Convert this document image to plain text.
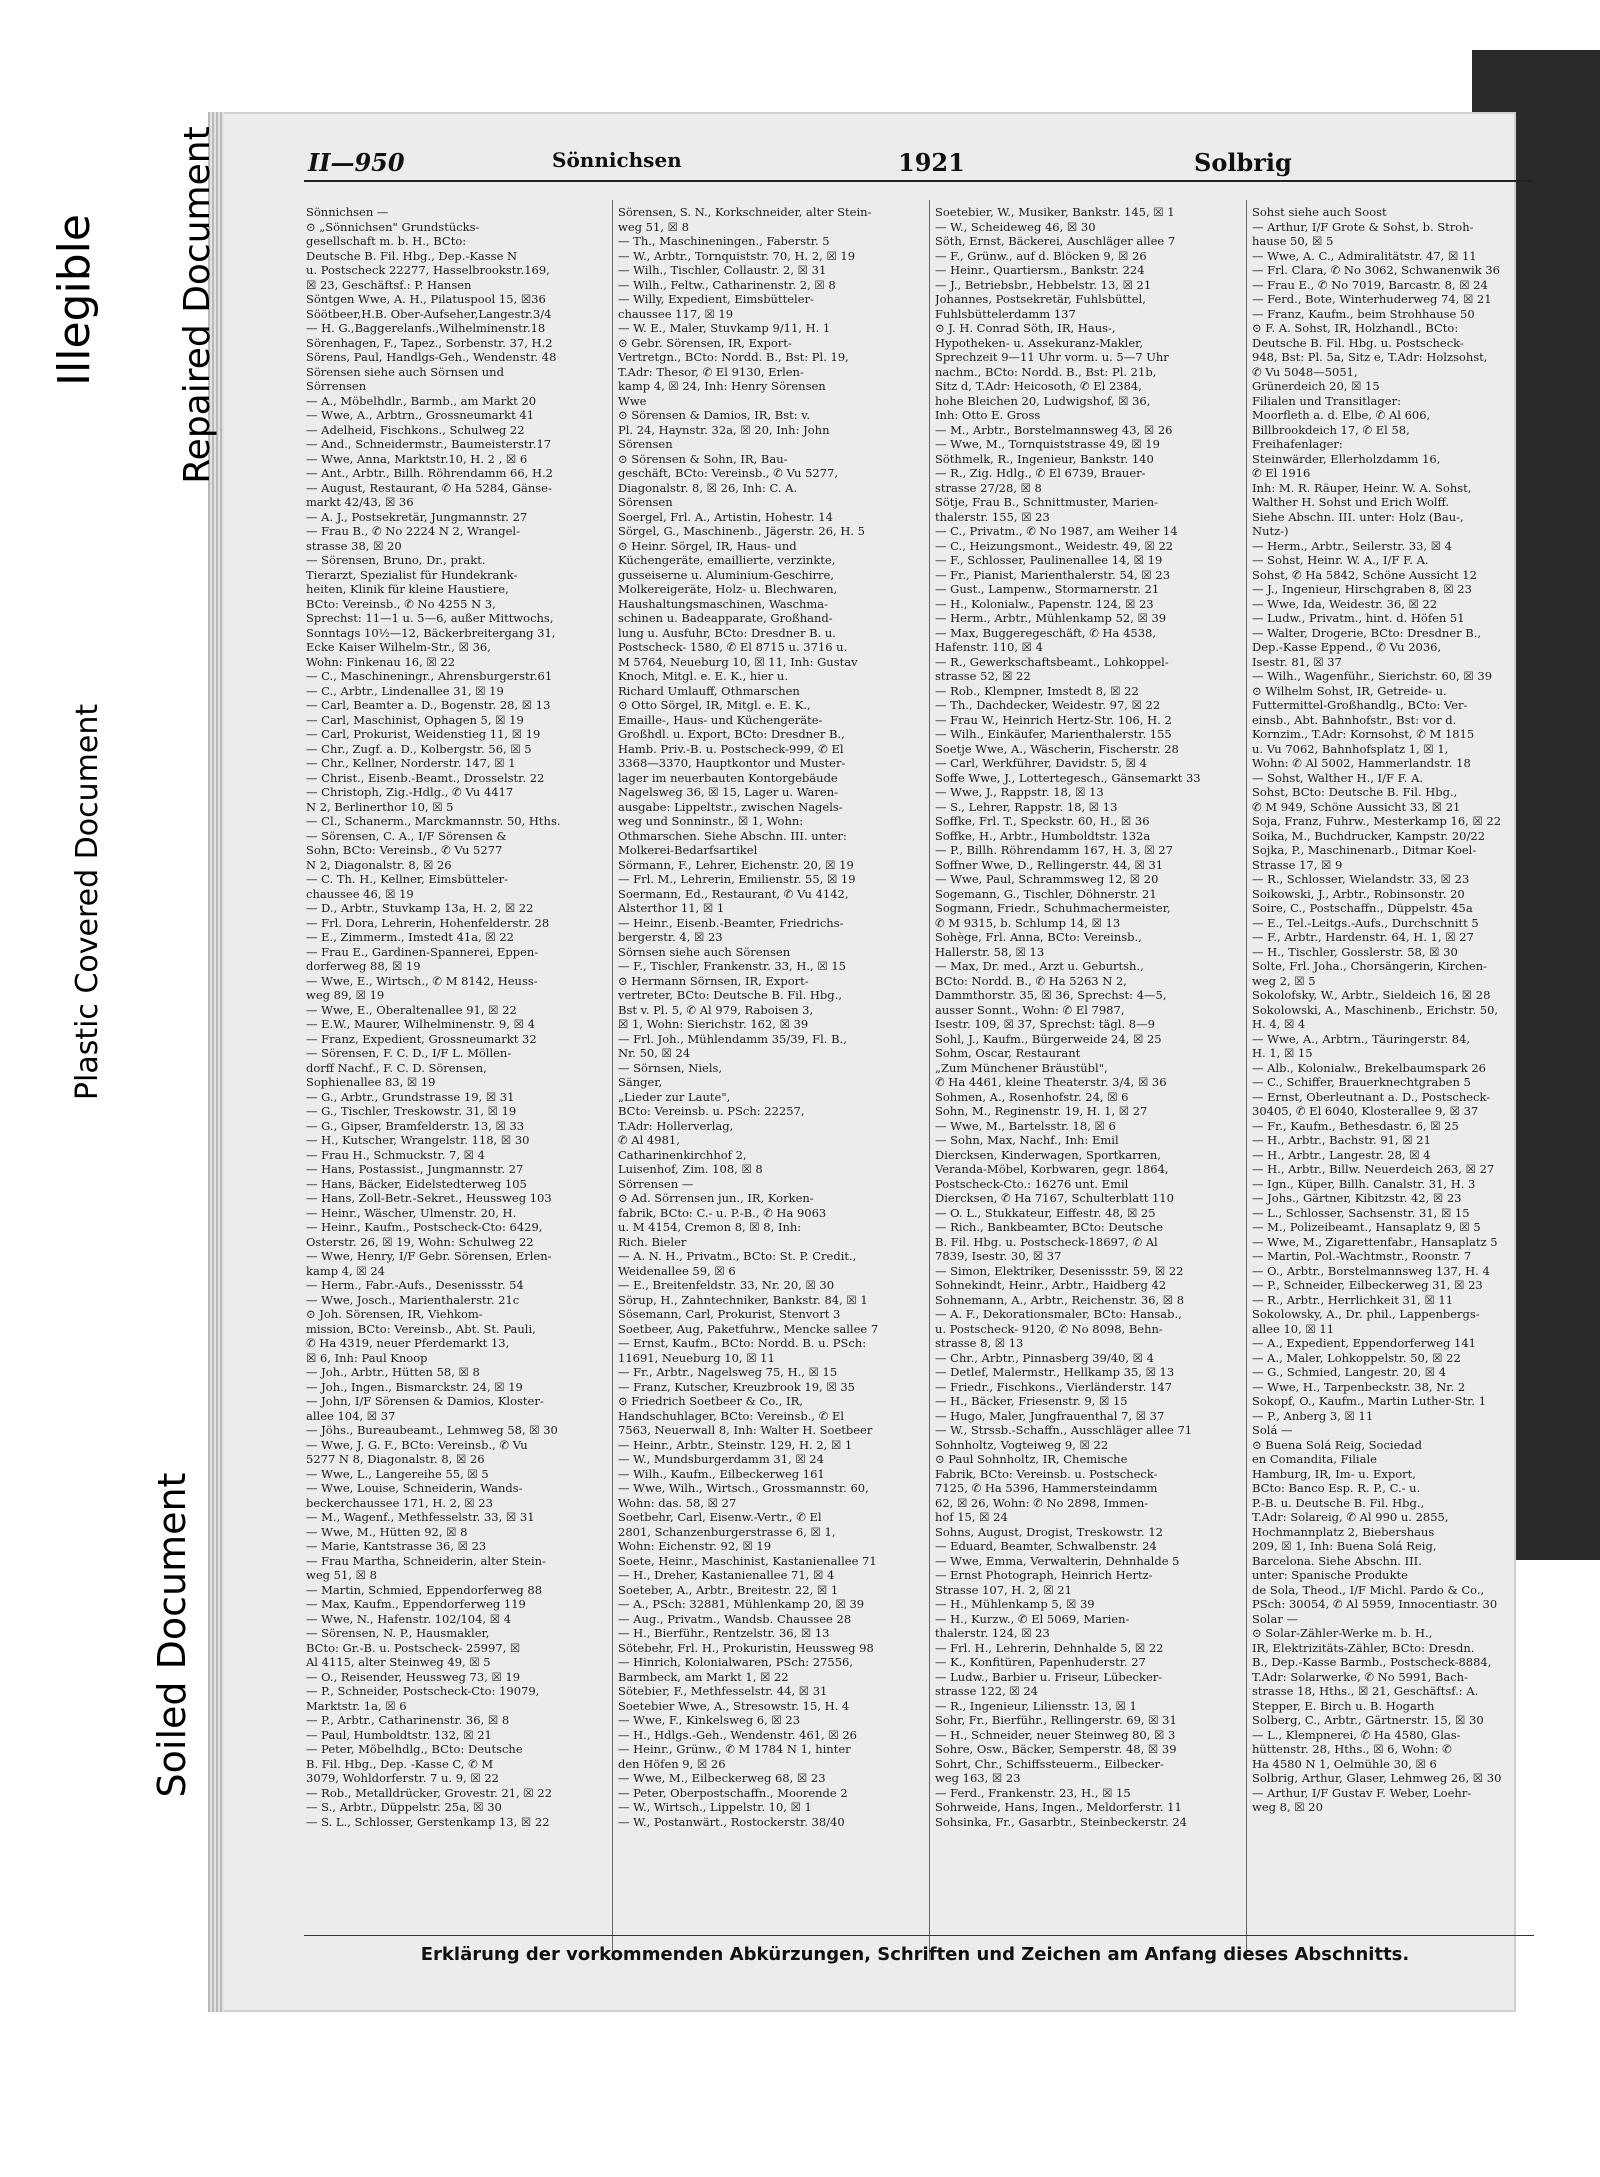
Illegible Repaired Document
Plastic Covered Document
Soiled Document
II—950	Sönnichsen	1921	Solbrig

Sönnichsen —

⊙ „Sönnichsen" Grundstücks-

gesellschaft m. b. H., BCto:

Deutsche B. Fil. Hbg., Dep.-Kasse N

u. Postscheck 22277, Hasselbrookstr.169,

☒ 23, Geschäftsf.: P. Hansen

Söntgen Wwe, A. H., Pilatuspool 15, ☒36

Söötbeer,H.B. Ober-Aufseher,Langestr.3/4

— H. G.,Baggerelanfs.,Wilhelminenstr.18

Sörenhagen, F., Tapez., Sorbenstr. 37, H.2

Sörens, Paul, Handlgs-Geh., Wendenstr. 48

Sörensen siehe auch Sörnsen und

Sörrensen

— A., Möbelhdlr., Barmb., am Markt 20

— Wwe, A., Arbtrn., Grossneumarkt 41

— Adelheid, Fischkons., Schulweg 22

— And., Schneidermstr., Baumeisterstr.17

— Wwe, Anna, Marktstr.10, H. 2 , ☒ 6

— Ant., Arbtr., Billh. Röhrendamm 66, H.2

— August, Restaurant, ✆ Ha 5284, Gänse-

markt 42/43, ☒ 36

— A. J., Postsekretär, Jungmannstr. 27

— Frau B., ✆ No 2224 N 2, Wrangel-

strasse 38, ☒ 20

— Sörensen, Bruno, Dr., prakt.

Tierarzt, Spezialist für Hundekrank-

heiten, Klinik für kleine Haustiere,

BCto: Vereinsb., ✆ No 4255 N 3,

Sprechst: 11—1 u. 5—6, außer Mittwochs,

Sonntags 10½—12, Bäckerbreitergang 31,

Ecke Kaiser Wilhelm-Str., ☒ 36,

Wohn: Finkenau 16, ☒ 22

— C., Maschineningr., Ahrensburgerstr.61

— C., Arbtr., Lindenallee 31, ☒ 19

— Carl, Beamter a. D., Bogenstr. 28, ☒ 13

— Carl, Maschinist, Ophagen 5, ☒ 19

— Carl, Prokurist, Weidenstieg 11, ☒ 19

— Chr., Zugf. a. D., Kolbergstr. 56, ☒ 5

— Chr., Kellner, Norderstr. 147, ☒ 1

— Christ., Eisenb.-Beamt., Drosselstr. 22

— Christoph, Zig.-Hdlg., ✆ Vu 4417

N 2, Berlinerthor 10, ☒ 5

— Cl., Schanerm., Marckmannstr. 50, Hths.

— Sörensen, C. A., I/F Sörensen &

Sohn, BCto: Vereinsb., ✆ Vu 5277

N 2, Diagonalstr. 8, ☒ 26

— C. Th. H., Kellner, Eimsbütteler-

chaussee 46, ☒ 19

— D., Arbtr., Stuvkamp 13a, H. 2, ☒ 22

— Frl. Dora, Lehrerin, Hohenfelderstr. 28

— E., Zimmerm., Imstedt 41a, ☒ 22

— Frau E., Gardinen-Spannerei, Eppen-

dorferweg 88, ☒ 19

— Wwe, E., Wirtsch., ✆ M 8142, Heuss-

weg 89, ☒ 19

— Wwe, E., Oberaltenallee 91, ☒ 22

— E.W., Maurer, Wilhelminenstr. 9, ☒ 4

— Franz, Expedient, Grossneumarkt 32

— Sörensen, F. C. D., I/F L. Möllen-

dorff Nachf., F. C. D. Sörensen,

Sophienallee 83, ☒ 19

— G., Arbtr., Grundstrasse 19, ☒ 31

— G., Tischler, Treskowstr. 31, ☒ 19

— G., Gipser, Bramfelderstr. 13, ☒ 33

— H., Kutscher, Wrangelstr. 118, ☒ 30

— Frau H., Schmuckstr. 7, ☒ 4

— Hans, Postassist., Jungmannstr. 27

— Hans, Bäcker, Eidelstedterweg 105

— Hans, Zoll-Betr.-Sekret., Heussweg 103

— Heinr., Wäscher, Ulmenstr. 20, H.

— Heinr., Kaufm., Postscheck-Cto: 6429,

Osterstr. 26, ☒ 19, Wohn: Schulweg 22

— Wwe, Henry, I/F Gebr. Sörensen, Erlen-

kamp 4, ☒ 24

— Herm., Fabr.-Aufs., Desenissstr. 54

— Wwe, Josch., Marienthalerstr. 21c

⊙ Joh. Sörensen, IR, Viehkom-

mission, BCto: Vereinsb., Abt. St. Pauli,

✆ Ha 4319, neuer Pferdemarkt 13,

☒ 6, Inh: Paul Knoop

— Joh., Arbtr., Hütten 58, ☒ 8

— Joh., Ingen., Bismarckstr. 24, ☒ 19

— John, I/F Sörensen & Damios, Kloster-

allee 104, ☒ 37

— Jöhs., Bureaubeamt., Lehmweg 58, ☒ 30

— Wwe, J. G. F., BCto: Vereinsb., ✆ Vu

5277 N 8, Diagonalstr. 8, ☒ 26

— Wwe, L., Langereihe 55, ☒ 5

— Wwe, Louise, Schneiderin, Wands-

beckerchaussee 171, H. 2, ☒ 23

— M., Wagenf., Methfesselstr. 33, ☒ 31

— Wwe, M., Hütten 92, ☒ 8

— Marie, Kantstrasse 36, ☒ 23

— Frau Martha, Schneiderin, alter Stein-

weg 51, ☒ 8

— Martin, Schmied, Eppendorferweg 88

— Max, Kaufm., Eppendorferweg 119

— Wwe, N., Hafenstr. 102/104, ☒ 4

— Sörensen, N. P., Hausmakler,

BCto: Gr.-B. u. Postscheck- 25997, ☒

Al 4115, alter Steinweg 49, ☒ 5

— O., Reisender, Heussweg 73, ☒ 19

— P., Schneider, Postscheck-Cto: 19079,

Marktstr. 1a, ☒ 6

— P., Arbtr., Catharinenstr. 36, ☒ 8

— Paul, Humboldtstr. 132, ☒ 21

— Peter, Möbelhdlg., BCto: Deutsche

B. Fil. Hbg., Dep. -Kasse C, ✆ M

3079, Wohldorferstr. 7 u. 9, ☒ 22

— Rob., Metalldrücker, Grovestr. 21, ☒ 22

— S., Arbtr., Düppelstr. 25a, ☒ 30

— S. L., Schlosser, Gerstenkamp 13, ☒ 22

Sörensen, S. N., Korkschneider, alter Stein-

weg 51, ☒ 8

— Th., Maschineningen., Faberstr. 5

— W., Arbtr., Tornquiststr. 70, H. 2, ☒ 19

— Wilh., Tischler, Collaustr. 2, ☒ 31

— Wilh., Feltw., Catharinenstr. 2, ☒ 8

— Willy, Expedient, Eimsbütteler-

chaussee 117, ☒ 19

— W. E., Maler, Stuvkamp 9/11, H. 1

⊙ Gebr. Sörensen, IR, Export-

Vertretgn., BCto: Nordd. B., Bst: Pl. 19,

T.Adr: Thesor, ✆ El 9130, Erlen-

kamp 4, ☒ 24, Inh: Henry Sörensen

Wwe

⊙ Sörensen & Damios, IR, Bst: v.

Pl. 24, Haynstr. 32a, ☒ 20, Inh: John

Sörensen

⊙ Sörensen & Sohn, IR, Bau-

geschäft, BCto: Vereinsb., ✆ Vu 5277,

Diagonalstr. 8, ☒ 26, Inh: C. A.

Sörensen

Soergel, Frl. A., Artistin, Hohestr. 14

Sörgel, G., Maschinenb., Jägerstr. 26, H. 5

⊙ Heinr. Sörgel, IR, Haus- und

Küchengeräte, emaillierte, verzinkte,

gusseiserne u. Aluminium-Geschirre,

Molkereigeräte, Holz- u. Blechwaren,

Haushaltungsmaschinen, Waschma-

schinen u. Badeapparate, Großhand-

lung u. Ausfuhr, BCto: Dresdner B. u.

Postscheck- 1580, ✆ El 8715 u. 3716 u.

M 5764, Neueburg 10, ☒ 11, Inh: Gustav

Knoch, Mitgl. e. E. K., hier u.

Richard Umlauff, Othmarschen

⊙ Otto Sörgel, IR, Mitgl. e. E. K.,

Emaille-, Haus- und Küchengeräte-

Großhdl. u. Export, BCto: Dresdner B.,

Hamb. Priv.-B. u. Postscheck-999, ✆ El

3368—3370, Hauptkontor und Muster-

lager im neuerbauten Kontorgebäude

Nagelsweg 36, ☒ 15, Lager u. Waren-

ausgabe: Lippeltstr., zwischen Nagels-

weg und Sonninstr., ☒ 1, Wohn:

Othmarschen. Siehe Abschn. III. unter:

Molkerei-Bedarfsartikel

Sörmann, F., Lehrer, Eichenstr. 20, ☒ 19

— Frl. M., Lehrerin, Emilienstr. 55, ☒ 19

Soermann, Ed., Restaurant, ✆ Vu 4142,

Alsterthor 11, ☒ 1

— Heinr., Eisenb.-Beamter, Friedrichs-

bergerstr. 4, ☒ 23

Sörnsen siehe auch Sörensen

— F., Tischler, Frankenstr. 33, H., ☒ 15

⊙ Hermann Sörnsen, IR, Export-

vertreter, BCto: Deutsche B. Fil. Hbg.,

Bst v. Pl. 5, ✆ Al 979, Raboisen 3,

☒ 1, Wohn: Sierichstr. 162, ☒ 39

— Frl. Joh., Mühlendamm 35/39, Fl. B.,

Nr. 50, ☒ 24

— Sörnsen, Niels,

Sänger,

„Lieder zur Laute",

BCto: Vereinsb. u. PSch: 22257,

T.Adr: Hollerverlag,

✆ Al 4981,

Catharinenkirchhof 2,

Luisenhof, Zim. 108, ☒ 8

Sörrensen —

⊙ Ad. Sörrensen jun., IR, Korken-

fabrik, BCto: C.- u. P.-B., ✆ Ha 9063

u. M 4154, Cremon 8, ☒ 8, Inh:

Rich. Bieler

— A. N. H., Privatm., BCto: St. P. Credit.,

Weidenallee 59, ☒ 6

— E., Breitenfeldstr. 33, Nr. 20, ☒ 30

Sörup, H., Zahntechniker, Bankstr. 84, ☒ 1

Sösemann, Carl, Prokurist, Stenvort 3

Soetbeer, Aug, Paketfuhrw., Mencke sallee 7

— Ernst, Kaufm., BCto: Nordd. B. u. PSch:

11691, Neueburg 10, ☒ 11

— Fr., Arbtr., Nagelsweg 75, H., ☒ 15

— Franz, Kutscher, Kreuzbrook 19, ☒ 35

⊙ Friedrich Soetbeer & Co., IR,

Handschuhlager, BCto: Vereinsb., ✆ El

7563, Neuerwall 8, Inh: Walter H. Soetbeer

— Heinr., Arbtr., Steinstr. 129, H. 2, ☒ 1

— W., Mundsburgerdamm 31, ☒ 24

— Wilh., Kaufm., Eilbeckerweg 161

— Wwe, Wilh., Wirtsch., Grossmannstr. 60,

Wohn: das. 58, ☒ 27

Soetbehr, Carl, Eisenw.-Vertr., ✆ El

2801, Schanzenburgerstrasse 6, ☒ 1,

Wohn: Eichenstr. 92, ☒ 19

Soete, Heinr., Maschinist, Kastanienallee 71

— H., Dreher, Kastanienallee 71, ☒ 4

Soeteber, A., Arbtr., Breitestr. 22, ☒ 1

— A., PSch: 32881, Mühlenkamp 20, ☒ 39

— Aug., Privatm., Wandsb. Chaussee 28

— H., Bierführ., Rentzelstr. 36, ☒ 13

Sötebehr, Frl. H., Prokuristin, Heussweg 98

— Hinrich, Kolonialwaren, PSch: 27556,

Barmbeck, am Markt 1, ☒ 22

Sötebier, F., Methfesselstr. 44, ☒ 31

Soetebier Wwe, A., Stresowstr. 15, H. 4

— Wwe, F., Kinkelsweg 6, ☒ 23

— H., Hdlgs.-Geh., Wendenstr. 461, ☒ 26

— Heinr., Grünw., ✆ M 1784 N 1, hinter

den Höfen 9, ☒ 26

— Wwe, M., Eilbeckerweg 68, ☒ 23

— Peter, Oberpostschaffn., Moorende 2

— W., Wirtsch., Lippelstr. 10, ☒ 1

— W., Postanwärt., Rostockerstr. 38/40

Soetebier, W., Musiker, Bankstr. 145, ☒ 1

— W., Scheideweg 46, ☒ 30

Söth, Ernst, Bäckerei, Auschläger allee 7

— F., Grünw., auf d. Blöcken 9, ☒ 26

— Heinr., Quartiersm., Bankstr. 224

— J., Betriebsbr., Hebbelstr. 13, ☒ 21

Johannes, Postsekretär, Fuhlsbüttel,

Fuhlsbüttelerdamm 137

⊙ J. H. Conrad Söth, IR, Haus-,

Hypotheken- u. Assekuranz-Makler,

Sprechzeit 9—11 Uhr vorm. u. 5—7 Uhr

nachm., BCto: Nordd. B., Bst: Pl. 21b,

Sitz d, T.Adr: Heicosoth, ✆ El 2384,

hohe Bleichen 20, Ludwigshof, ☒ 36,

Inh: Otto E. Gross

— M., Arbtr., Borstelmannsweg 43, ☒ 26

— Wwe, M., Tornquiststrasse 49, ☒ 19

Söthmelk, R., Ingenieur, Bankstr. 140

— R., Zig. Hdlg., ✆ El 6739, Brauer-

strasse 27/28, ☒ 8

Sötje, Frau B., Schnittmuster, Marien-

thalerstr. 155, ☒ 23

— C., Privatm., ✆ No 1987, am Weiher 14

— C., Heizungsmont., Weidestr. 49, ☒ 22

— F., Schlosser, Paulinenallee 14, ☒ 19

— Fr., Pianist, Marienthalerstr. 54, ☒ 23

— Gust., Lampenw., Stormarnerstr. 21

— H., Kolonialw., Papenstr. 124, ☒ 23

— Herm., Arbtr., Mühlenkamp 52, ☒ 39

— Max, Buggeregeschäft, ✆ Ha 4538,

Hafenstr. 110, ☒ 4

— R., Gewerkschaftsbeamt., Lohkoppel-

strasse 52, ☒ 22

— Rob., Klempner, Imstedt 8, ☒ 22

— Th., Dachdecker, Weidestr. 97, ☒ 22

— Frau W., Heinrich Hertz-Str. 106, H. 2

— Wilh., Einkäufer, Marienthalerstr. 155

Soetje Wwe, A., Wäscherin, Fischerstr. 28

— Carl, Werkführer, Davidstr. 5, ☒ 4

Soffe Wwe, J., Lottertegesch., Gänsemarkt 33

— Wwe, J., Rappstr. 18, ☒ 13

— S., Lehrer, Rappstr. 18, ☒ 13

Soffke, Frl. T., Speckstr. 60, H., ☒ 36

Soffke, H., Arbtr., Humboldtstr. 132a

— P., Billh. Röhrendamm 167, H. 3, ☒ 27

Soffner Wwe, D., Rellingerstr. 44, ☒ 31

— Wwe, Paul, Schrammsweg 12, ☒ 20

Sogemann, G., Tischler, Döhnerstr. 21

Sogmann, Friedr., Schuhmachermeister,

✆ M 9315, b. Schlump 14, ☒ 13

Sohège, Frl. Anna, BCto: Vereinsb.,

Hallerstr. 58, ☒ 13

— Max, Dr. med., Arzt u. Geburtsh.,

BCto: Nordd. B., ✆ Ha 5263 N 2,

Dammthorstr. 35, ☒ 36, Sprechst: 4—5,

ausser Sonnt., Wohn: ✆ El 7987,

Isestr. 109, ☒ 37, Sprechst: tägl. 8—9

Sohl, J., Kaufm., Bürgerweide 24, ☒ 25

Sohm, Oscar, Restaurant

„Zum Münchener Bräustübl",

✆ Ha 4461, kleine Theaterstr. 3/4, ☒ 36

Sohmen, A., Rosenhofstr. 24, ☒ 6

Sohn, M., Reginenstr. 19, H. 1, ☒ 27

— Wwe, M., Bartelsstr. 18, ☒ 6

— Sohn, Max, Nachf., Inh: Emil

Diercksen, Kinderwagen, Sportkarren,

Veranda-Möbel, Korbwaren, gegr. 1864,

Postscheck-Cto.: 16276 unt. Emil

Diercksen, ✆ Ha 7167, Schulterblatt 110

— O. L., Stukkateur, Eiffestr. 48, ☒ 25

— Rich., Bankbeamter, BCto: Deutsche

B. Fil. Hbg. u. Postscheck-18697, ✆ Al

7839, Isestr. 30, ☒ 37

— Simon, Elektriker, Desenissstr. 59, ☒ 22

Sohnekindt, Heinr., Arbtr., Haidberg 42

Sohnemann, A., Arbtr., Reichenstr. 36, ☒ 8

— A. F., Dekorationsmaler, BCto: Hansab.,

u. Postscheck- 9120, ✆ No 8098, Behn-

strasse 8, ☒ 13

— Chr., Arbtr., Pinnasberg 39/40, ☒ 4

— Detlef, Malermstr., Hellkamp 35, ☒ 13

— Friedr., Fischkons., Vierländerstr. 147

— H., Bäcker, Friesenstr. 9, ☒ 15

— Hugo, Maler, Jungfrauenthal 7, ☒ 37

— W., Strssb.-Schaffn., Ausschläger allee 71

Sohnholtz, Vogteiweg 9, ☒ 22

⊙ Paul Sohnholtz, IR, Chemische

Fabrik, BCto: Vereinsb. u. Postscheck-

7125, ✆ Ha 5396, Hammersteindamm

62, ☒ 26, Wohn: ✆ No 2898, Immen-

hof 15, ☒ 24

Sohns, August, Drogist, Treskowstr. 12

— Eduard, Beamter, Schwalbenstr. 24

— Wwe, Emma, Verwalterin, Dehnhalde 5

— Ernst Photograph, Heinrich Hertz-

Strasse 107, H. 2, ☒ 21

— H., Mühlenkamp 5, ☒ 39

— H., Kurzw., ✆ El 5069, Marien-

thalerstr. 124, ☒ 23

— Frl. H., Lehrerin, Dehnhalde 5, ☒ 22

— K., Konfitüren, Papenhuderstr. 27

— Ludw., Barbier u. Friseur, Lübecker-

strasse 122, ☒ 24

— R., Ingenieur, Liliensstr. 13, ☒ 1

Sohr, Fr., Bierführ., Rellingerstr. 69, ☒ 31

— H., Schneider, neuer Steinweg 80, ☒ 3

Sohre, Osw., Bäcker, Semperstr. 48, ☒ 39

Sohrt, Chr., Schiffssteuerm., Eilbecker-

weg 163, ☒ 23

— Ferd., Frankenstr. 23, H., ☒ 15

Sohrweide, Hans, Ingen., Meldorferstr. 11

Sohsinka, Fr., Gasarbtr., Steinbeckerstr. 24

Sohst siehe auch Soost

— Arthur, I/F Grote & Sohst, b. Stroh-

hause 50, ☒ 5

— Wwe, A. C., Admiralitätstr. 47, ☒ 11

— Frl. Clara, ✆ No 3062, Schwanenwik 36

— Frau E., ✆ No 7019, Barcastr. 8, ☒ 24

— Ferd., Bote, Winterhuderweg 74, ☒ 21

— Franz, Kaufm., beim Strohhause 50

⊙ F. A. Sohst, IR, Holzhandl., BCto:

Deutsche B. Fil. Hbg. u. Postscheck-

948, Bst: Pl. 5a, Sitz e, T.Adr: Holzsohst,

✆ Vu 5048—5051,

Grünerdeich 20, ☒ 15

Filialen und Transitlager:

Moorfleth a. d. Elbe, ✆ Al 606,

Billbrookdeich 17, ✆ El 58,

Freihafenlager:

Steinwärder, Ellerholzdamm 16,

✆ El 1916

Inh: M. R. Räuper, Heinr. W. A. Sohst,

Walther H. Sohst und Erich Wolff.

Siehe Abschn. III. unter: Holz (Bau-,

Nutz-)

— Herm., Arbtr., Seilerstr. 33, ☒ 4

— Sohst, Heinr. W. A., I/F F. A.

Sohst, ✆ Ha 5842, Schöne Aussicht 12

— J., Ingenieur, Hirschgraben 8, ☒ 23

— Wwe, Ida, Weidestr. 36, ☒ 22

— Ludw., Privatm., hint. d. Höfen 51

— Walter, Drogerie, BCto: Dresdner B.,

Dep.-Kasse Eppend., ✆ Vu 2036,

Isestr. 81, ☒ 37

— Wilh., Wagenführ., Sierichstr. 60, ☒ 39

⊙ Wilhelm Sohst, IR, Getreide- u.

Futtermittel-Großhandlg., BCto: Ver-

einsb., Abt. Bahnhofstr., Bst: vor d.

Kornzim., T.Adr: Kornsohst, ✆ M 1815

u. Vu 7062, Bahnhofsplatz 1, ☒ 1,

Wohn: ✆ Al 5002, Hammerlandstr. 18

— Sohst, Walther H., I/F F. A.

Sohst, BCto: Deutsche B. Fil. Hbg.,

✆ M 949, Schöne Aussicht 33, ☒ 21

Soja, Franz, Fuhrw., Mesterkamp 16, ☒ 22

Soika, M., Buchdrucker, Kampstr. 20/22

Sojka, P., Maschinenarb., Ditmar Koel-

Strasse 17, ☒ 9

— R., Schlosser, Wielandstr. 33, ☒ 23

Soikowski, J., Arbtr., Robinsonstr. 20

Soire, C., Postschaffn., Düppelstr. 45a

— E., Tel.-Leitgs.-Aufs., Durchschnitt 5

— F., Arbtr., Hardenstr. 64, H. 1, ☒ 27

— H., Tischler, Gosslerstr. 58, ☒ 30

Solte, Frl. Joha., Chorsängerin, Kirchen-

weg 2, ☒ 5

Sokolofsky, W., Arbtr., Sieldeich 16, ☒ 28

Sokolowski, A., Maschinenb., Erichstr. 50,

H. 4, ☒ 4

— Wwe, A., Arbtrn., Täuringerstr. 84,

H. 1, ☒ 15

— Alb., Kolonialw., Brekelbaumspark 26

— C., Schiffer, Brauerknechtgraben 5

— Ernst, Oberleutnant a. D., Postscheck-

30405, ✆ El 6040, Klosterallee 9, ☒ 37

— Fr., Kaufm., Bethesdastr. 6, ☒ 25

— H., Arbtr., Bachstr. 91, ☒ 21

— H., Arbtr., Langestr. 28, ☒ 4

— H., Arbtr., Billw. Neuerdeich 263, ☒ 27

— Ign., Küper, Billh. Canalstr. 31, H. 3

— Johs., Gärtner, Kibitzstr. 42, ☒ 23

— L., Schlosser, Sachsenstr. 31, ☒ 15

— M., Polizeibeamt., Hansaplatz 9, ☒ 5

— Wwe, M., Zigarettenfabr., Hansaplatz 5

— Martin, Pol.-Wachtmstr., Roonstr. 7

— O., Arbtr., Borstelmannsweg 137, H. 4

— P., Schneider, Eilbeckerweg 31, ☒ 23

— R., Arbtr., Herrlichkeit 31, ☒ 11

Sokolowsky, A., Dr. phil., Lappenbergs-

allee 10, ☒ 11

— A., Expedient, Eppendorferweg 141

— A., Maler, Lohkoppelstr. 50, ☒ 22

— G., Schmied, Langestr. 20, ☒ 4

— Wwe, H., Tarpenbeckstr. 38, Nr. 2

Sokopf, O., Kaufm., Martin Luther-Str. 1

— P., Anberg 3, ☒ 11

Solá —

⊙ Buena Solá Reig, Sociedad

en Comandita, Filiale

Hamburg, IR, Im- u. Export,

BCto: Banco Esp. R. P., C.- u.

P.-B. u. Deutsche B. Fil. Hbg.,

T.Adr: Solareig, ✆ Al 990 u. 2855,

Hochmannplatz 2, Biebershaus

209, ☒ 1, Inh: Buena Solá Reig,

Barcelona. Siehe Abschn. III.

unter: Spanische Produkte

de Sola, Theod., I/F Michl. Pardo & Co.,

PSch: 30054, ✆ Al 5959, Innocentiastr. 30

Solar —

⊙ Solar-Zähler-Werke m. b. H.,

IR, Elektrizitäts-Zähler, BCto: Dresdn.

B., Dep.-Kasse Barmb., Postscheck-8884,

T.Adr: Solarwerke, ✆ No 5991, Bach-

strasse 18, Hths., ☒ 21, Geschäftsf.: A.

Stepper, E. Birch u. B. Hogarth

Solberg, C., Arbtr., Gärtnerstr. 15, ☒ 30

— L., Klempnerei, ✆ Ha 4580, Glas-

hüttenstr. 28, Hths., ☒ 6, Wohn: ✆

Ha 4580 N 1, Oelmühle 30, ☒ 6

Solbrig, Arthur, Glaser, Lehmweg 26, ☒ 30

— Arthur, I/F Gustav F. Weber, Loehr-

weg 8, ☒ 20

Erklärung der vorkommenden Abkürzungen, Schriften und Zeichen am Anfang dieses Abschnitts.
